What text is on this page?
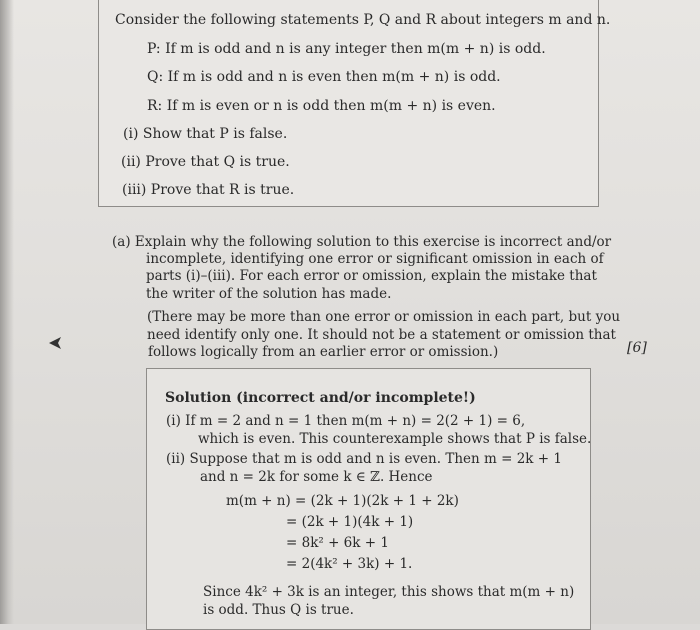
Consider the following statements P, Q and R about integers m and n.
P: If m is odd and n is any integer then m(m + n) is odd.
Q: If m is odd and n is even then m(m + n) is odd.
R: If m is even or n is odd then m(m + n) is even.
(i) Show that P is false.
(ii) Prove that Q is true.
(iii) Prove that R is true.
(a) Explain why the following solution to this exercise is incorrect and/or
incomplete, identifying one error or significant omission in each of
parts (i)–(iii). For each error or omission, explain the mistake that
the writer of the solution has made.
(There may be more than one error or omission in each part, but you
need identify only one. It should not be a statement or omission that
follows logically from an earlier error or omission.)	[6]
Solution (incorrect and/or incomplete!)
(i) If m = 2 and n = 1 then m(m + n) = 2(2 + 1) = 6,
which is even. This counterexample shows that P is false.
(ii) Suppose that m is odd and n is even. Then m = 2k + 1
and n = 2k for some k ∈ ℤ. Hence
m(m + n) = (2k + 1)(2k + 1 + 2k)
= (2k + 1)(4k + 1)
= 8k² + 6k + 1
= 2(4k² + 3k) + 1.
Since 4k² + 3k is an integer, this shows that m(m + n)
is odd. Thus Q is true.
